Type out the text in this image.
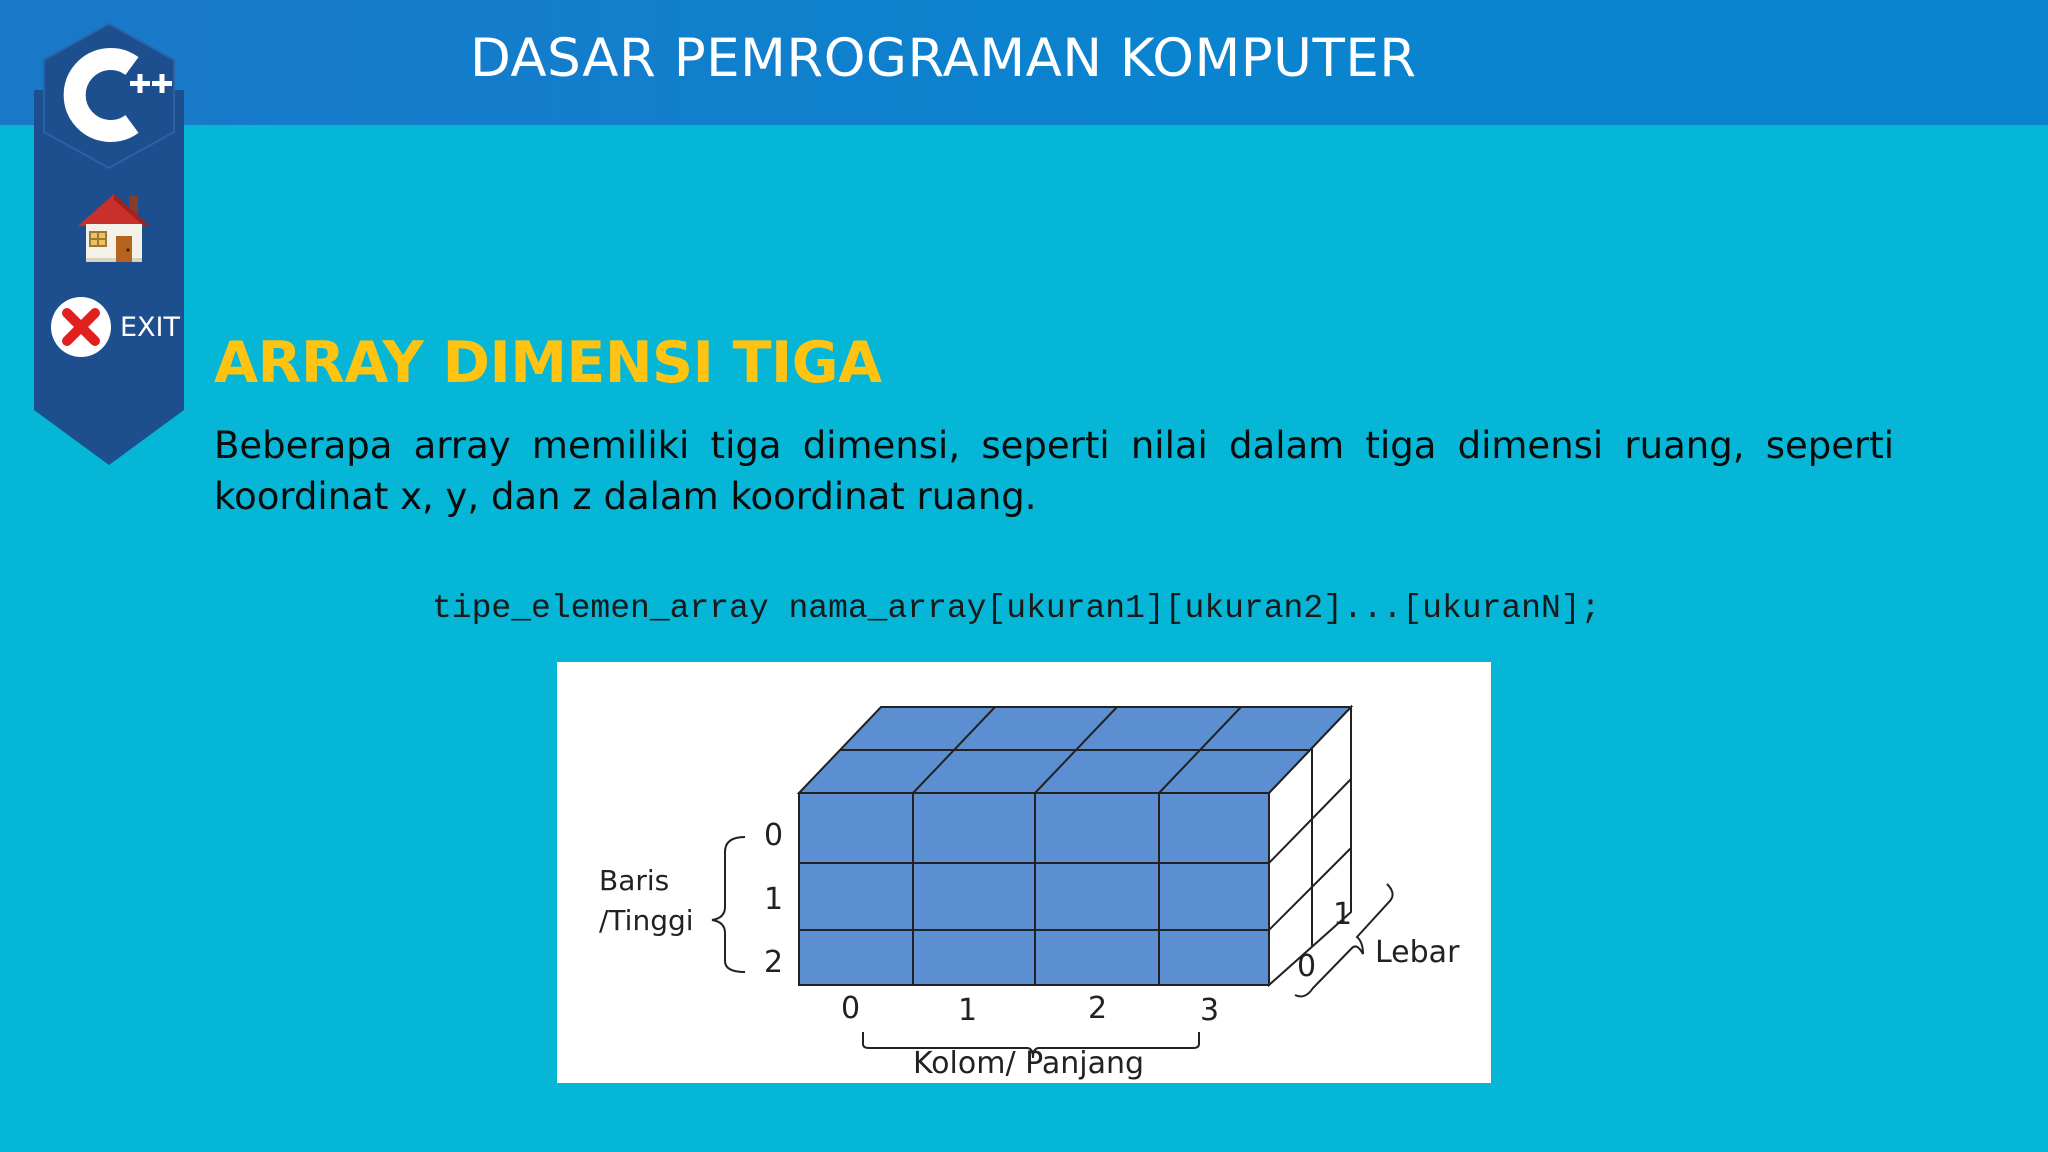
DASAR PEMROGRAMAN KOMPUTER
EXIT
ARRAY DIMENSI TIGA
Beberapa array memiliki tiga dimensi, seperti nilai dalam tiga dimensi ruang, seperti koordinat x, y, dan z dalam koordinat ruang.
tipe_elemen_array nama_array[ukuran1][ukuran2]...[ukuranN];
0
1
2
Baris
/Tinggi
0	1	2	3
Kolom/ Panjang
0
1
Lebar
